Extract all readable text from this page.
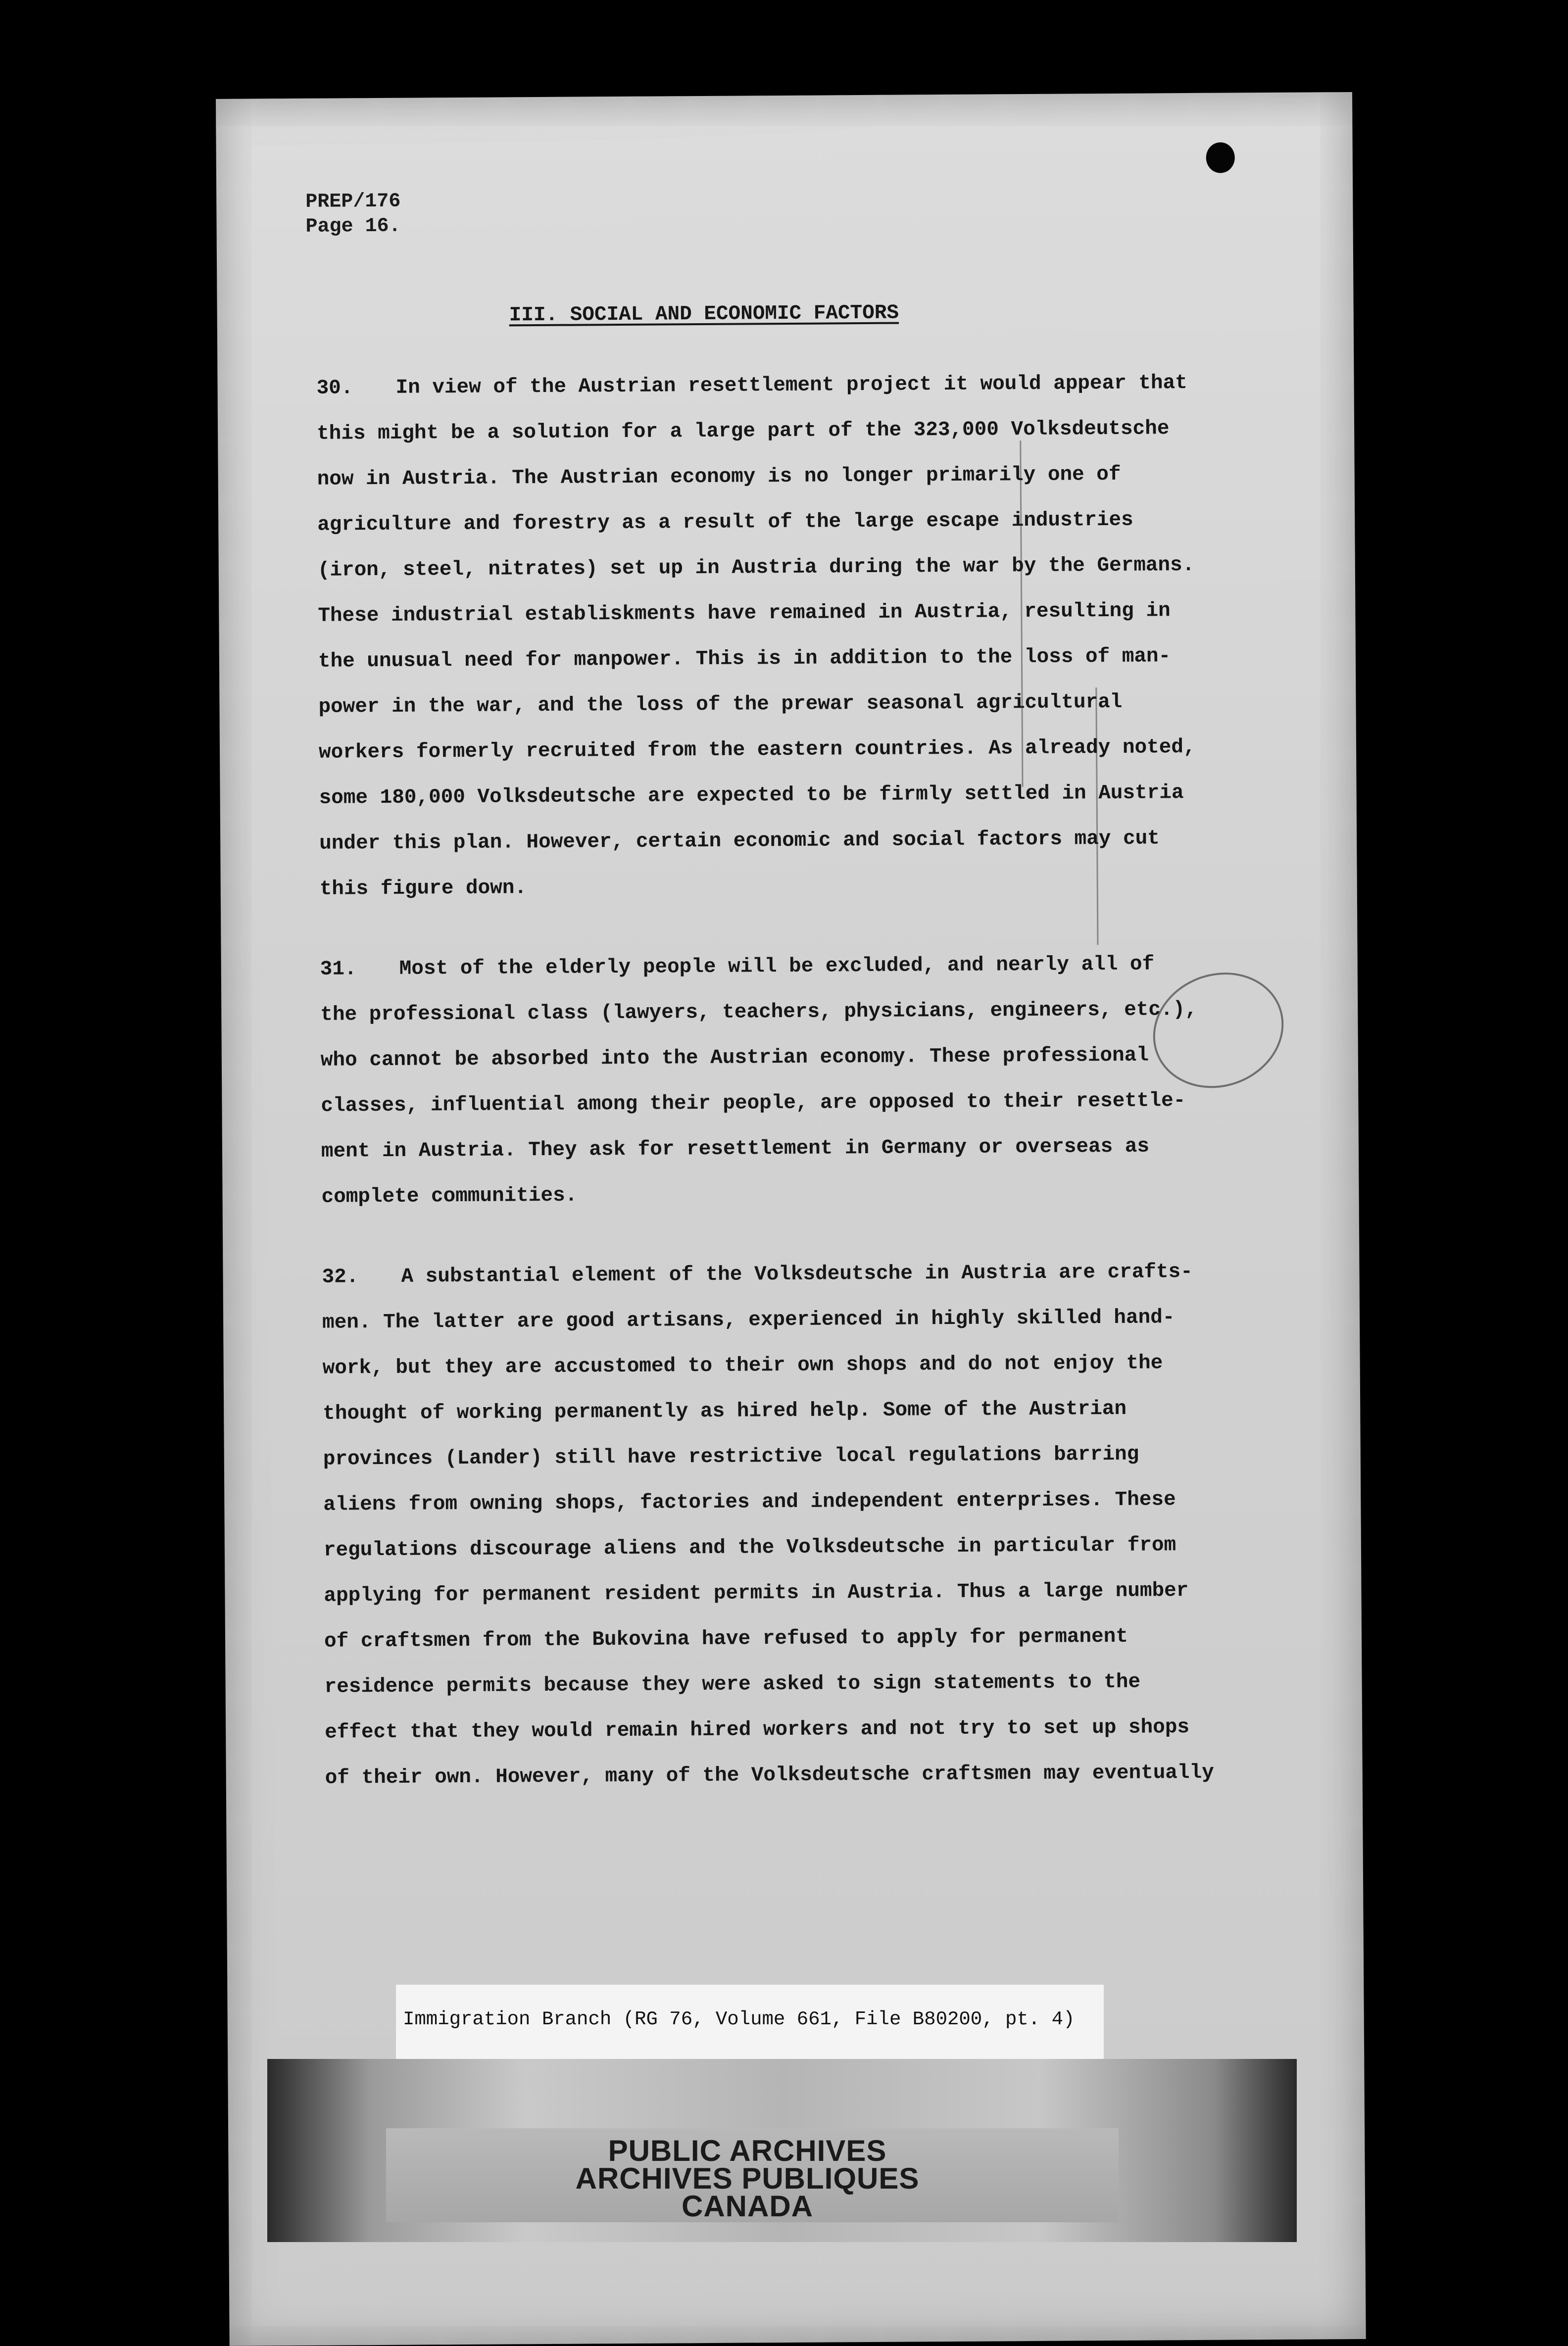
PREP/176
Page 16.
III. SOCIAL AND ECONOMIC FACTORS
30. In view of the Austrian resettlement project it would appear that
this might be a solution for a large part of the 323,000 Volksdeutsche
now in Austria. The Austrian economy is no longer primarily one of
agriculture and forestry as a result of the large escape industries
(iron, steel, nitrates) set up in Austria during the war by the Germans.
These industrial establiskments have remained in Austria, resulting in
the unusual need for manpower. This is in addition to the loss of man-
power in the war, and the loss of the prewar seasonal agricultural
workers formerly recruited from the eastern countries. As already noted,
some 180,000 Volksdeutsche are expected to be firmly settled in Austria
under this plan. However, certain economic and social factors may cut
this figure down.
31. Most of the elderly people will be excluded, and nearly all of
the professional class (lawyers, teachers, physicians, engineers, etc.),
who cannot be absorbed into the Austrian economy. These professional
classes, influential among their people, are opposed to their resettle-
ment in Austria. They ask for resettlement in Germany or overseas as
complete communities.
32. A substantial element of the Volksdeutsche in Austria are crafts-
men. The latter are good artisans, experienced in highly skilled hand-
work, but they are accustomed to their own shops and do not enjoy the
thought of working permanently as hired help. Some of the Austrian
provinces (Lander) still have restrictive local regulations barring
aliens from owning shops, factories and independent enterprises. These
regulations discourage aliens and the Volksdeutsche in particular from
applying for permanent resident permits in Austria. Thus a large number
of craftsmen from the Bukovina have refused to apply for permanent
residence permits because they were asked to sign statements to the
effect that they would remain hired workers and not try to set up shops
of their own. However, many of the Volksdeutsche craftsmen may eventually
Immigration Branch (RG 76, Volume 661, File B80200, pt. 4)
PUBLIC ARCHIVES
ARCHIVES PUBLIQUES
CANADA
